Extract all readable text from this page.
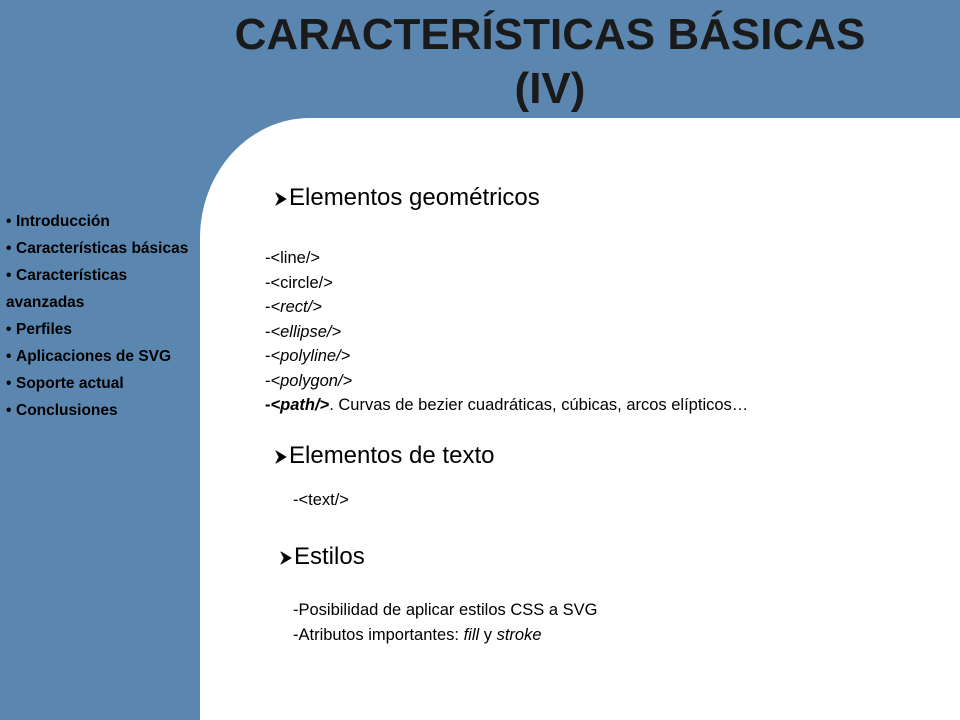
CARACTERÍSTICAS BÁSICAS
(IV)
• Introducción
• Características básicas
• Características avanzadas
• Perfiles
• Aplicaciones de SVG
• Soporte actual
• Conclusiones
Elementos geométricos
-<line/>
-<circle/>
-<rect/>
-<ellipse/>
-<polyline/>
-<polygon/>
-<path/>. Curvas de bezier cuadráticas, cúbicas, arcos elípticos…
Elementos de texto
-<text/>
Estilos
-Posibilidad de aplicar estilos CSS a SVG
-Atributos importantes: fill y stroke
